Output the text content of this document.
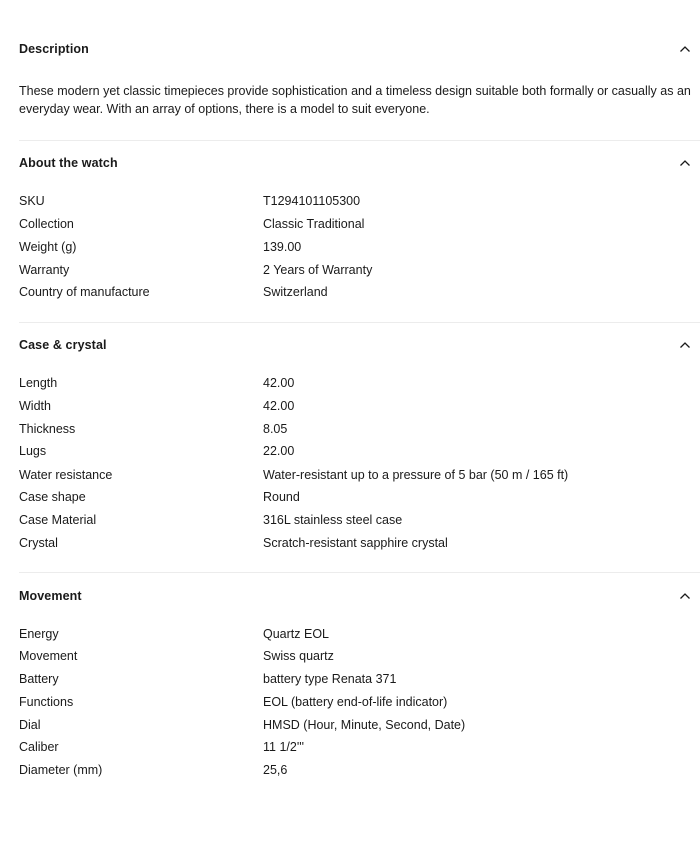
Description
These modern yet classic timepieces provide sophistication and a timeless design suitable both formally or casually as an everyday wear. With an array of options, there is a model to suit everyone.
About the watch
SKU	T1294101105300
Collection	Classic Traditional
Weight (g)	139.00
Warranty	2 Years of Warranty
Country of manufacture	Switzerland
Case & crystal
Length	42.00
Width	42.00
Thickness	8.05
Lugs	22.00
Water resistance	Water-resistant up to a pressure of 5 bar (50 m / 165 ft)
Case shape	Round
Case Material	316L stainless steel case
Crystal	Scratch-resistant sapphire crystal
Movement
Energy	Quartz EOL
Movement	Swiss quartz
Battery	battery type Renata 371
Functions	EOL (battery end-of-life indicator)
Dial	HMSD (Hour, Minute, Second, Date)
Caliber	11 1/2'''
Diameter (mm)	25,6
